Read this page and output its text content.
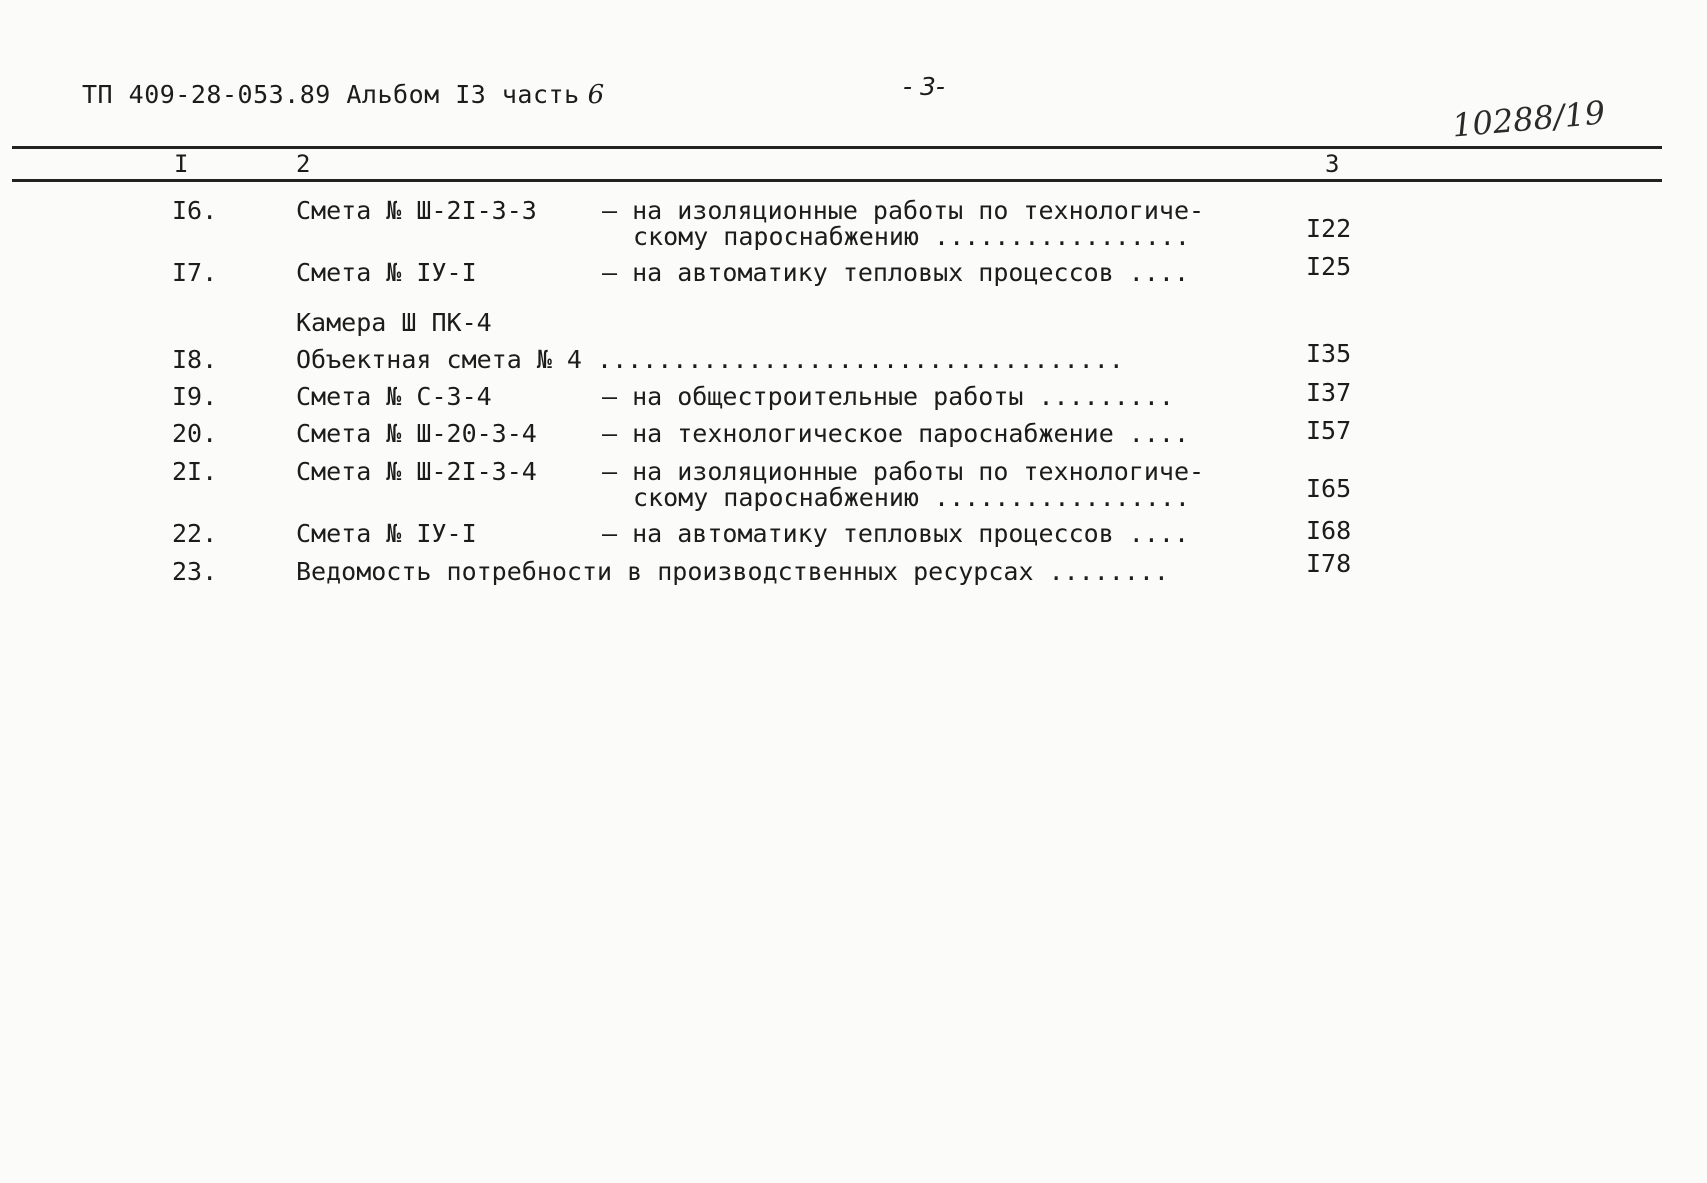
ТП 409-28-053.89 Альбом I3 часть 6	- 3-
10288/19
I	2	3
I6.	Смета № Ш-2I-3-3	– на изоляционные работы по технологиче-
скому пароснабжению .................	I22
I7.	Смета № IУ-I	– на автоматику тепловых процессов ....	I25
Камера Ш ПК-4
I8.	Объектная смета № 4 ...................................	I35
I9.	Смета № С-3-4	– на общестроительные работы .........	I37
20.	Смета № Ш-20-3-4	– на технологическое пароснабжение ....	I57
2I.	Смета № Ш-2I-3-4	– на изоляционные работы по технологиче-
скому пароснабжению .................	I65
22.	Смета № IУ-I	– на автоматику тепловых процессов ....	I68
23.	Ведомость потребности в производственных ресурсах ........	I78
